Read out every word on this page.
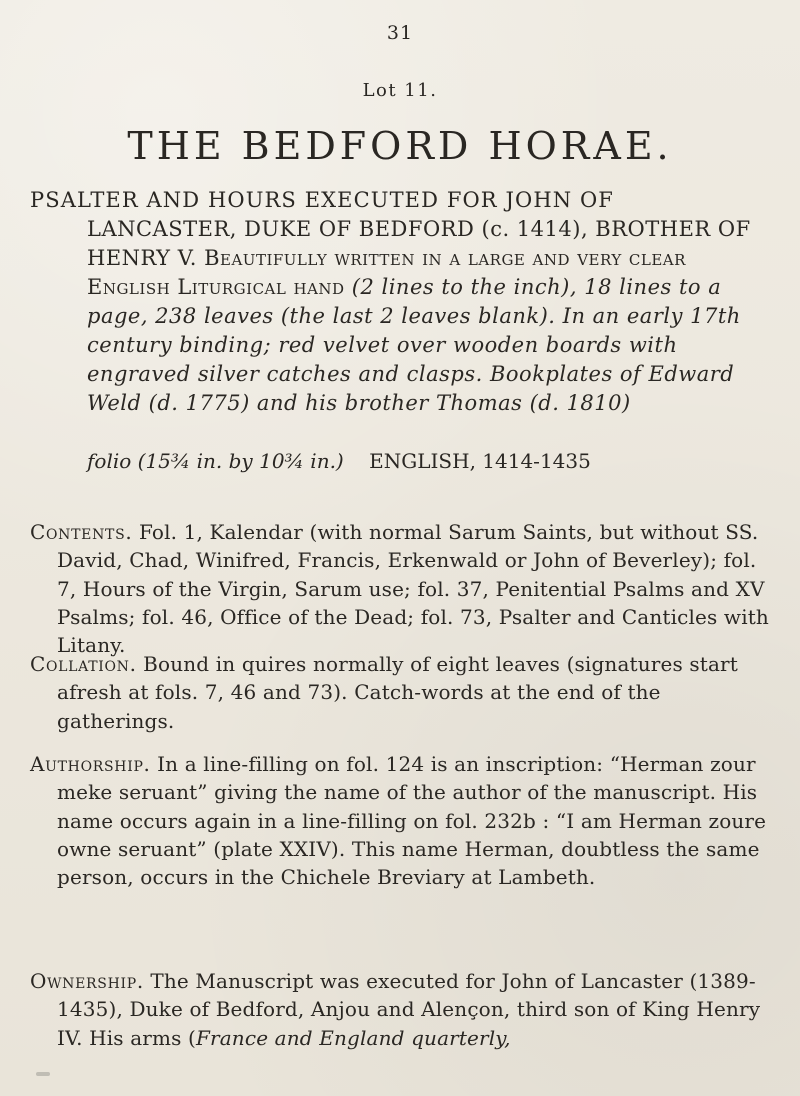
31
Lot 11.
THE BEDFORD HORAE.
PSALTER AND HOURS EXECUTED FOR JOHN OF
LANCASTER, DUKE OF BEDFORD (c. 1414), BROTHER OF HENRY V. Beautifully written in a large and very clear English Liturgical hand (2 lines to the inch), 18 lines to a page, 238 leaves (the last 2 leaves blank). In an early 17th century binding; red velvet over wooden boards with engraved silver catches and clasps. Bookplates of Edward Weld (d. 1775) and his brother Thomas (d. 1810)
folio (15¾ in. by 10¾ in.) ENGLISH, 1414-1435

Contents. Fol. 1, Kalendar (with normal Sarum Saints, but without SS. David, Chad, Winifred, Francis, Erkenwald or John of Beverley); fol. 7, Hours of the Virgin, Sarum use; fol. 37, Penitential Psalms and XV Psalms; fol. 46, Office of the Dead; fol. 73, Psalter and Canticles with Litany.

Collation. Bound in quires normally of eight leaves (signatures start afresh at fols. 7, 46 and 73). Catch-words at the end of the gatherings.

Authorship. In a line-filling on fol. 124 is an inscription: “Herman zour meke seruant” giving the name of the author of the manuscript. His name occurs again in a line-filling on fol. 232b : “I am Herman zoure owne seruant” (plate XXIV). This name Herman, doubtless the same person, occurs in the Chichele Breviary at Lambeth.

Ownership. The Manuscript was executed for John of Lancaster (1389-1435), Duke of Bedford, Anjou and Alençon, third son of King Henry IV. His arms (France and England quarterly,
